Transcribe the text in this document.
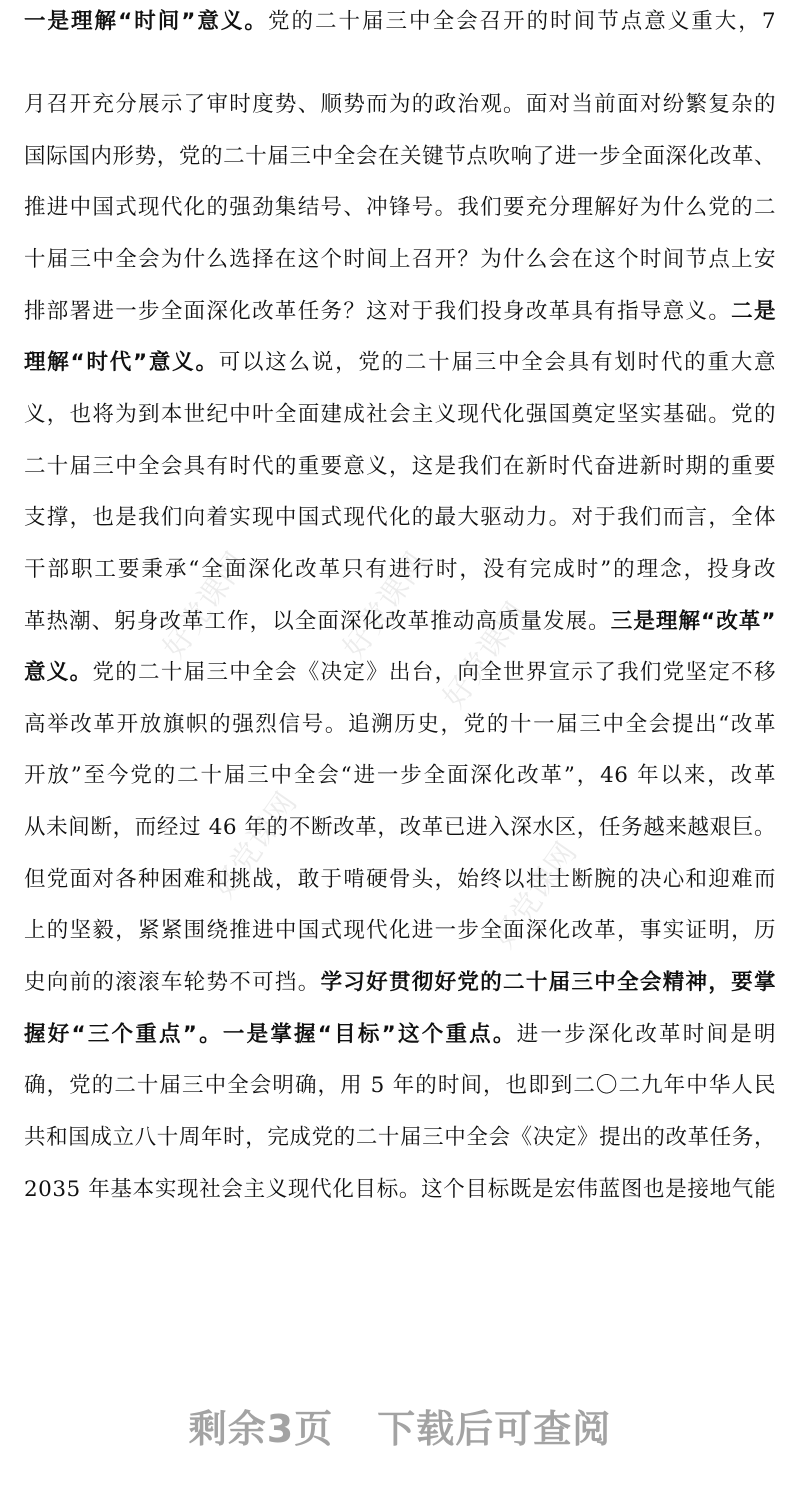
好党课网
好党课网
好党课网
好党课网
好党课网
一是理解“时间”意义。党的二十届三中全会召开的时间节点意义重大，7
月召开充分展示了审时度势、顺势而为的政治观。面对当前面对纷繁复杂的
国际国内形势，党的二十届三中全会在关键节点吹响了进一步全面深化改革、
推进中国式现代化的强劲集结号、冲锋号。我们要充分理解好为什么党的二
十届三中全会为什么选择在这个时间上召开？为什么会在这个时间节点上安
排部署进一步全面深化改革任务？这对于我们投身改革具有指导意义。二是
理解“时代”意义。可以这么说，党的二十届三中全会具有划时代的重大意
义，也将为到本世纪中叶全面建成社会主义现代化强国奠定坚实基础。党的
二十届三中全会具有时代的重要意义，这是我们在新时代奋进新时期的重要
支撑，也是我们向着实现中国式现代化的最大驱动力。对于我们而言，全体
干部职工要秉承“全面深化改革只有进行时，没有完成时”的理念，投身改
革热潮、躬身改革工作，以全面深化改革推动高质量发展。三是理解“改革”
意义。党的二十届三中全会《决定》出台，向全世界宣示了我们党坚定不移
高举改革开放旗帜的强烈信号。追溯历史，党的十一届三中全会提出“改革
开放”至今党的二十届三中全会“进一步全面深化改革”，46 年以来，改革
从未间断，而经过 46 年的不断改革，改革已进入深水区，任务越来越艰巨。
但党面对各种困难和挑战，敢于啃硬骨头，始终以壮士断腕的决心和迎难而
上的坚毅，紧紧围绕推进中国式现代化进一步全面深化改革，事实证明，历
史向前的滚滚车轮势不可挡。学习好贯彻好党的二十届三中全会精神，要掌
握好“三个重点”。一是掌握“目标”这个重点。进一步深化改革时间是明
确，党的二十届三中全会明确，用 5 年的时间，也即到二〇二九年中华人民
共和国成立八十周年时，完成党的二十届三中全会《决定》提出的改革任务，
2035 年基本实现社会主义现代化目标。这个目标既是宏伟蓝图也是接地气能
剩余3页 下载后可查阅
